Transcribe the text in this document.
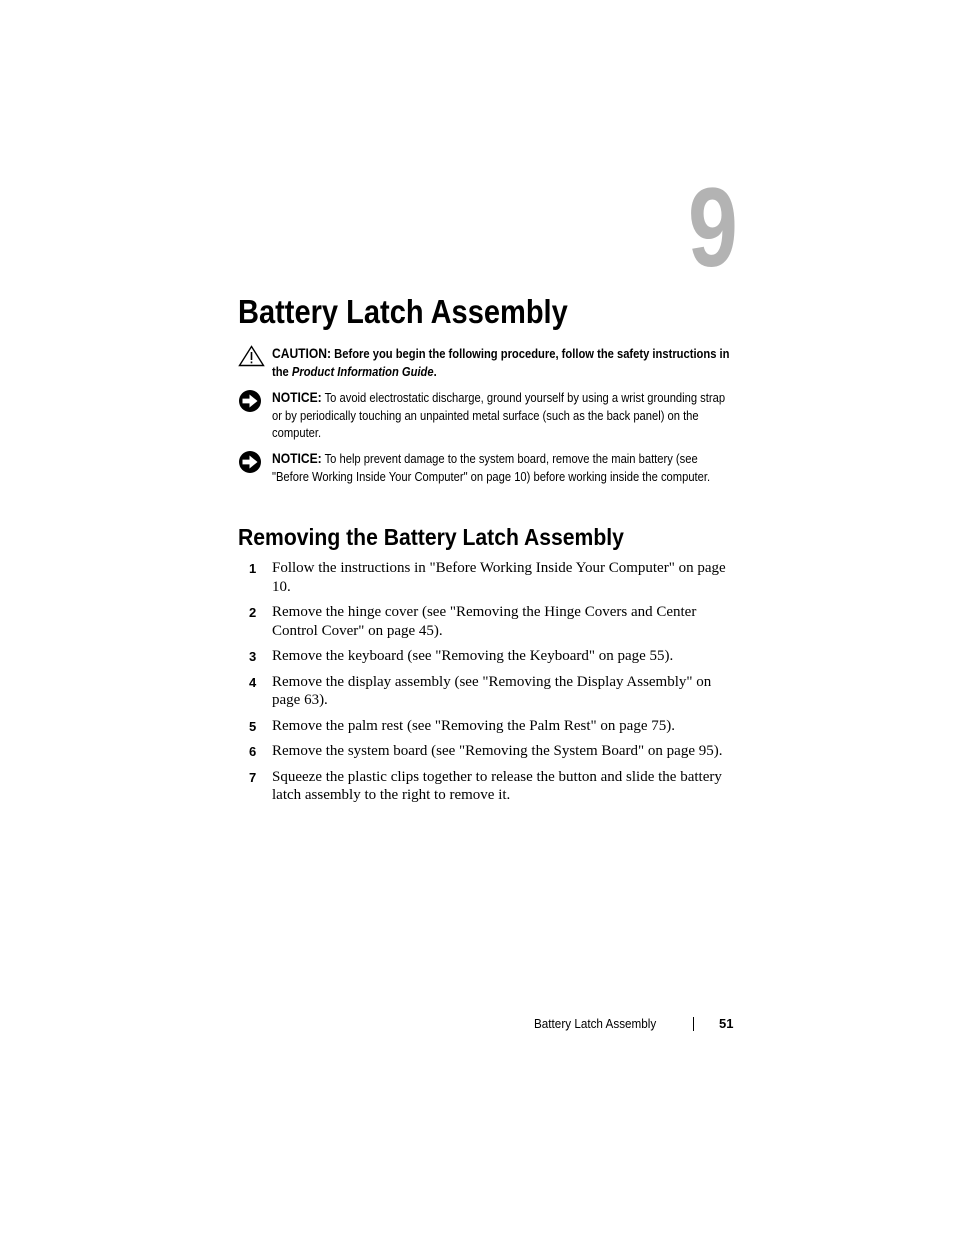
9
Battery Latch Assembly
CAUTION: Before you begin the following procedure, follow the safety instructions in the Product Information Guide.
NOTICE: To avoid electrostatic discharge, ground yourself by using a wrist grounding strap or by periodically touching an unpainted metal surface (such as the back panel) on the computer.
NOTICE: To help prevent damage to the system board, remove the main battery (see "Before Working Inside Your Computer" on page 10) before working inside the computer.
Removing the Battery Latch Assembly
1 Follow the instructions in "Before Working Inside Your Computer" on page 10.
2 Remove the hinge cover (see "Removing the Hinge Covers and Center Control Cover" on page 45).
3 Remove the keyboard (see "Removing the Keyboard" on page 55).
4 Remove the display assembly (see "Removing the Display Assembly" on page 63).
5 Remove the palm rest (see "Removing the Palm Rest" on page 75).
6 Remove the system board (see "Removing the System Board" on page 95).
7 Squeeze the plastic clips together to release the button and slide the battery latch assembly to the right to remove it.
Battery Latch Assembly	51
